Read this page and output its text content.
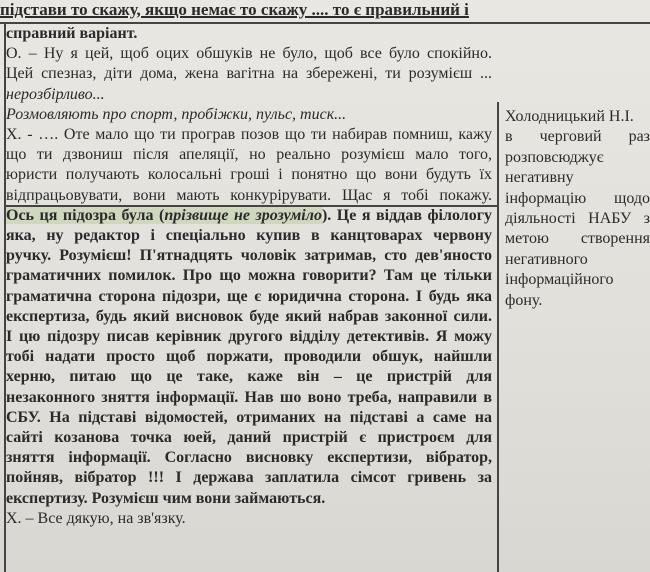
підстави то скажу, якщо немає то скажу .... то є правильний і
справний варіант.
О. – Ну я цей, щоб оцих обшуків не було, щоб все було спокійно.
Цей спезназ, діти дома, жена вагітна на збережені, ти розумієш ...
нерозбірливо...
Розмовляють про спорт, пробіжки, пульс, тиск...
Х. - …. Оте мало що ти програв позов що ти набирав помниш, кажу
що ти дзвониш після апеляції, но реально розумієш мало того,
юристи получають колосальні гроші і понятно що вони будуть їх
відпрацьовувати, вони мають конкурірувати. Щас я тобі покажу.
Ось ця підозра була (прізвище не зрозуміло). Це я віддав філологу
яка, ну редактор і спеціально купив в канцтоварах червону
ручку. Розумієш! П'ятнадцять чоловік затримав, сто дев'яносто
граматичних помилок. Про що можна говорити? Там це тільки
граматична сторона підозри, ще є юридична сторона. І будь яка
експертиза, будь який висновок буде який набрав законної сили.
І цю підозру писав керівник другого відділу детективів. Я можу
тобі надати просто щоб поржати, проводили обшук, найшли
херню, питаю що це таке, каже він – це пристрій для
незаконного зняття інформації. Нав шо воно треба, направили в
СБУ. На підставі відомостей, отриманих на підставі а саме на
сайті козанова точка юей, даний пристрій є пристроєм для
зняття інформації. Согласно висновку експертизи, вібратор,
пойняв, вібратор !!! І держава заплатила сімсот гривень за
експертизу. Розумієш чим вони займаються.
Х. – Все дякую, на зв'язку.
Холодницький Н.І.
в черговий раз
розповсюджує
негативну
інформацію щодо
діяльності НАБУ з
метою створення
негативного
інформаційного
фону.
